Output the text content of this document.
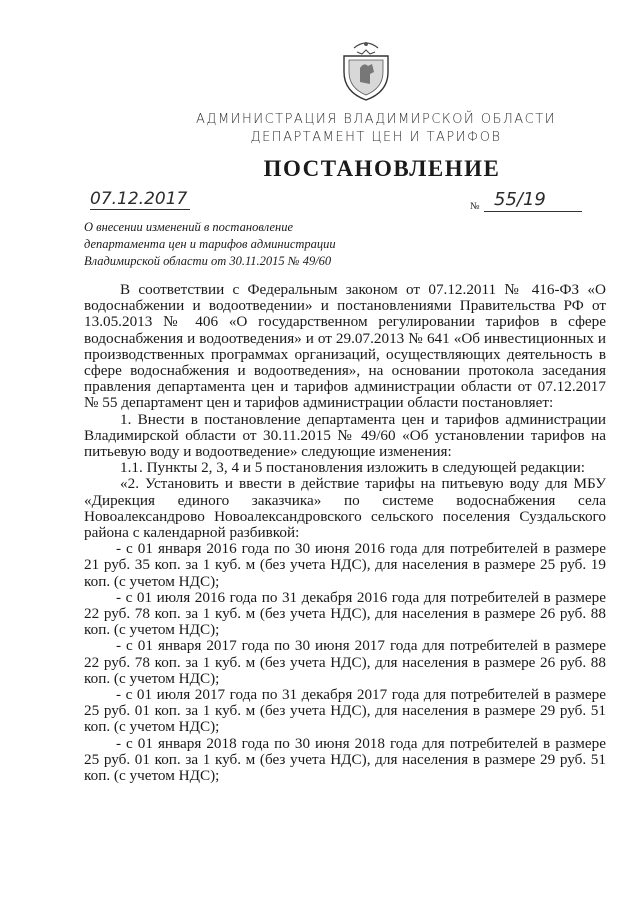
АДМИНИСТРАЦИЯ ВЛАДИМИРСКОЙ ОБЛАСТИ
ДЕПАРТАМЕНТ ЦЕН И ТАРИФОВ
ПОСТАНОВЛЕНИЕ
07.12.2017	№ 55/19
О внесении изменений в постановление
департамента цен и тарифов администрации
Владимирской области от 30.11.2015 № 49/60

В соответствии с Федеральным законом от 07.12.2011 № 416-ФЗ «О водоснабжении и водоотведении» и постановлениями Правительства РФ от 13.05.2013 № 406 «О государственном регулировании тарифов в сфере водоснабжения и водоотведения» и от 29.07.2013 № 641 «Об инвестиционных и производственных программах организаций, осуществляющих деятельность в сфере водоснабжения и водоотведения», на основании протокола заседания правления департамента цен и тарифов администрации области от 07.12.2017 № 55 департамент цен и тарифов администрации области постановляет:

1. Внести в постановление департамента цен и тарифов администрации Владимирской области от 30.11.2015 № 49/60 «Об установлении тарифов на питьевую воду и водоотведение» следующие изменения:

1.1. Пункты 2, 3, 4 и 5 постановления изложить в следующей редакции:

«2. Установить и ввести в действие тарифы на питьевую воду для МБУ «Дирекция единого заказчика» по системе водоснабжения села Новоалександрово Новоалександровского сельского поселения Суздальского района с календарной разбивкой:

- с 01 января 2016 года по 30 июня 2016 года для потребителей в размере 21 руб. 35 коп. за 1 куб. м (без учета НДС), для населения в размере 25 руб. 19 коп. (с учетом НДС);

- с 01 июля 2016 года по 31 декабря 2016 года для потребителей в размере 22 руб. 78 коп. за 1 куб. м (без учета НДС), для населения в размере 26 руб. 88 коп. (с учетом НДС);

- с 01 января 2017 года по 30 июня 2017 года для потребителей в размере 22 руб. 78 коп. за 1 куб. м (без учета НДС), для населения в размере 26 руб. 88 коп. (с учетом НДС);

- с 01 июля 2017 года по 31 декабря 2017 года для потребителей в размере 25 руб. 01 коп. за 1 куб. м (без учета НДС), для населения в размере 29 руб. 51 коп. (с учетом НДС);

- с 01 января 2018 года по 30 июня 2018 года для потребителей в размере 25 руб. 01 коп. за 1 куб. м (без учета НДС), для населения в размере 29 руб. 51 коп. (с учетом НДС);
